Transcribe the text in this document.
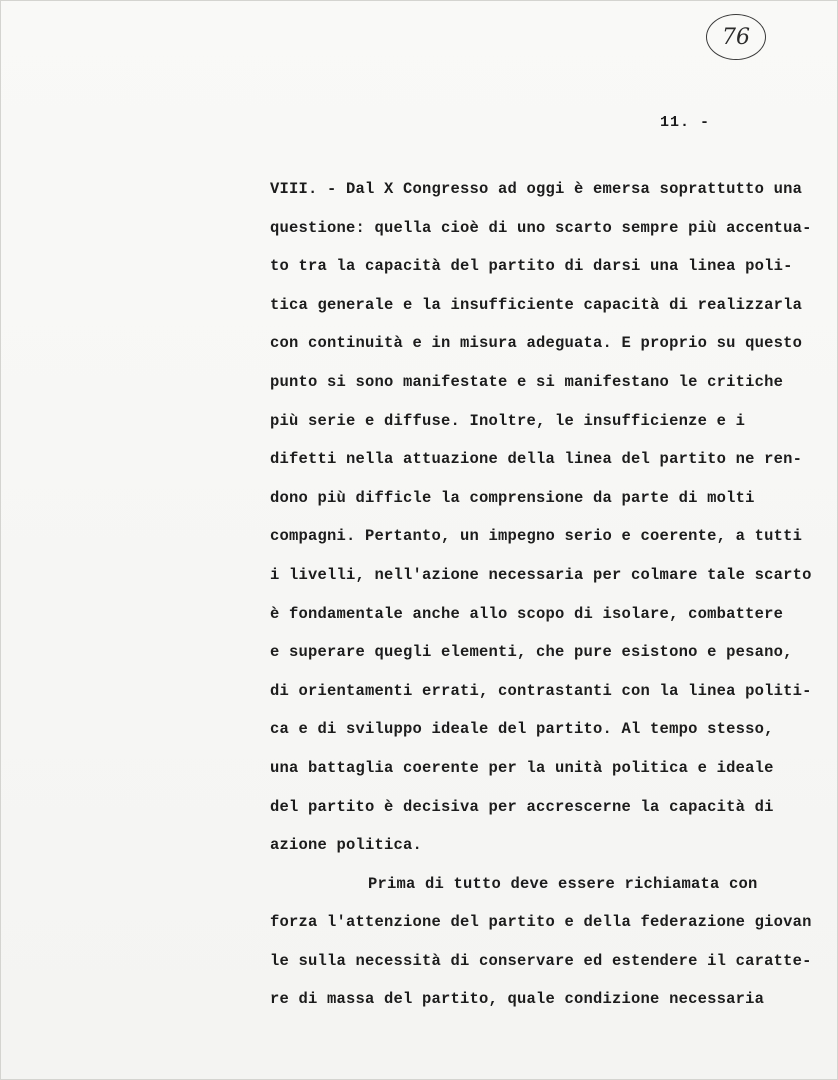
76
11. -
VIII. - Dal X Congresso ad oggi è emersa soprattutto una
questione: quella cioè di uno scarto sempre più accentua-
to tra la capacità del partito di darsi una linea poli-
tica generale e la insufficiente capacità di realizzarla
con continuità e in misura adeguata. E proprio su questo
punto si sono manifestate e si manifestano le critiche
più serie e diffuse. Inoltre, le insufficienze e i
difetti nella attuazione della linea del partito ne ren-
dono più difficle la comprensione da parte di molti
compagni. Pertanto, un impegno serio e coerente, a tutti
i livelli, nell'azione necessaria per colmare tale scarto
è fondamentale anche allo scopo di isolare, combattere
e superare quegli elementi, che pure esistono e pesano,
di orientamenti errati, contrastanti con la linea politi-
ca e di sviluppo ideale del partito. Al tempo stesso,
una battaglia coerente per la unità politica e ideale
del partito è decisiva per accrescerne la capacità di
azione politica.
Prima di tutto deve essere richiamata con
forza l'attenzione del partito e della federazione giovan
le sulla necessità di conservare ed estendere il caratte-
re di massa del partito, quale condizione necessaria
